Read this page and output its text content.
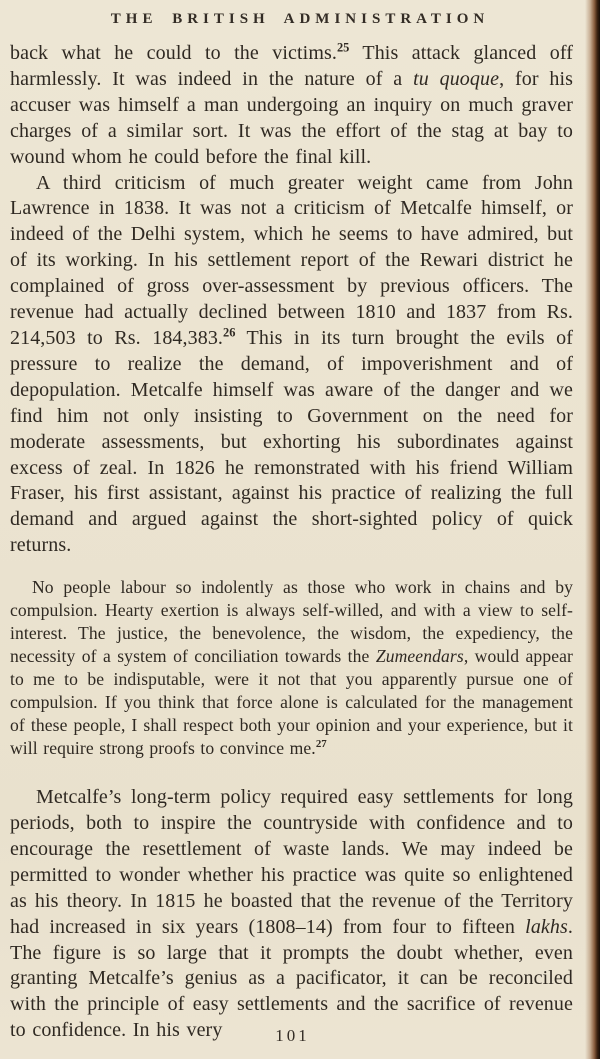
THE BRITISH ADMINISTRATION

back what he could to the victims.$^{25}$ This attack glanced off harmlessly. It was indeed in the nature of a tu quoque, for his accuser was himself a man undergoing an inquiry on much graver charges of a similar sort. It was the effort of the stag at bay to wound whom he could before the final kill.

A third criticism of much greater weight came from John Lawrence in 1838. It was not a criticism of Metcalfe himself, or indeed of the Delhi system, which he seems to have admired, but of its working. In his settlement report of the Rewari district he complained of gross over-assessment by previous officers. The revenue had actually declined between 1810 and 1837 from Rs. 214,503 to Rs. 184,383.26 This in its turn brought the evils of pressure to realize the demand, of impoverishment and of depopulation. Metcalfe himself was aware of the danger and we find him not only insisting to Government on the need for moderate assessments, but exhorting his subordinates against excess of zeal. In 1826 he remonstrated with his friend William Fraser, his first assistant, against his practice of realizing the full demand and argued against the short-sighted policy of quick returns.

No people labour so indolently as those who work in chains and by compulsion. Hearty exertion is always self-willed, and with a view to self-interest. The justice, the benevolence, the wisdom, the expediency, the necessity of a system of conciliation towards the Zumeendars, would appear to me to be indisputable, were it not that you apparently pursue one of compulsion. If you think that force alone is calculated for the management of these people, I shall respect both your opinion and your experience, but it will require strong proofs to convince me.$^{27}$

Metcalfe’s long-term policy required easy settlements for long periods, both to inspire the countryside with confidence and to encourage the resettlement of waste lands. We may indeed be permitted to wonder whether his practice was quite so enlightened as his theory. In 1815 he boasted that the revenue of the Territory had increased in six years (1808–14) from four to fifteen lakhs. The figure is so large that it prompts the doubt whether, even granting Metcalfe’s genius as a pacificator, it can be reconciled with the principle of easy settlements and the sacrifice of revenue to confidence. In his very	101
